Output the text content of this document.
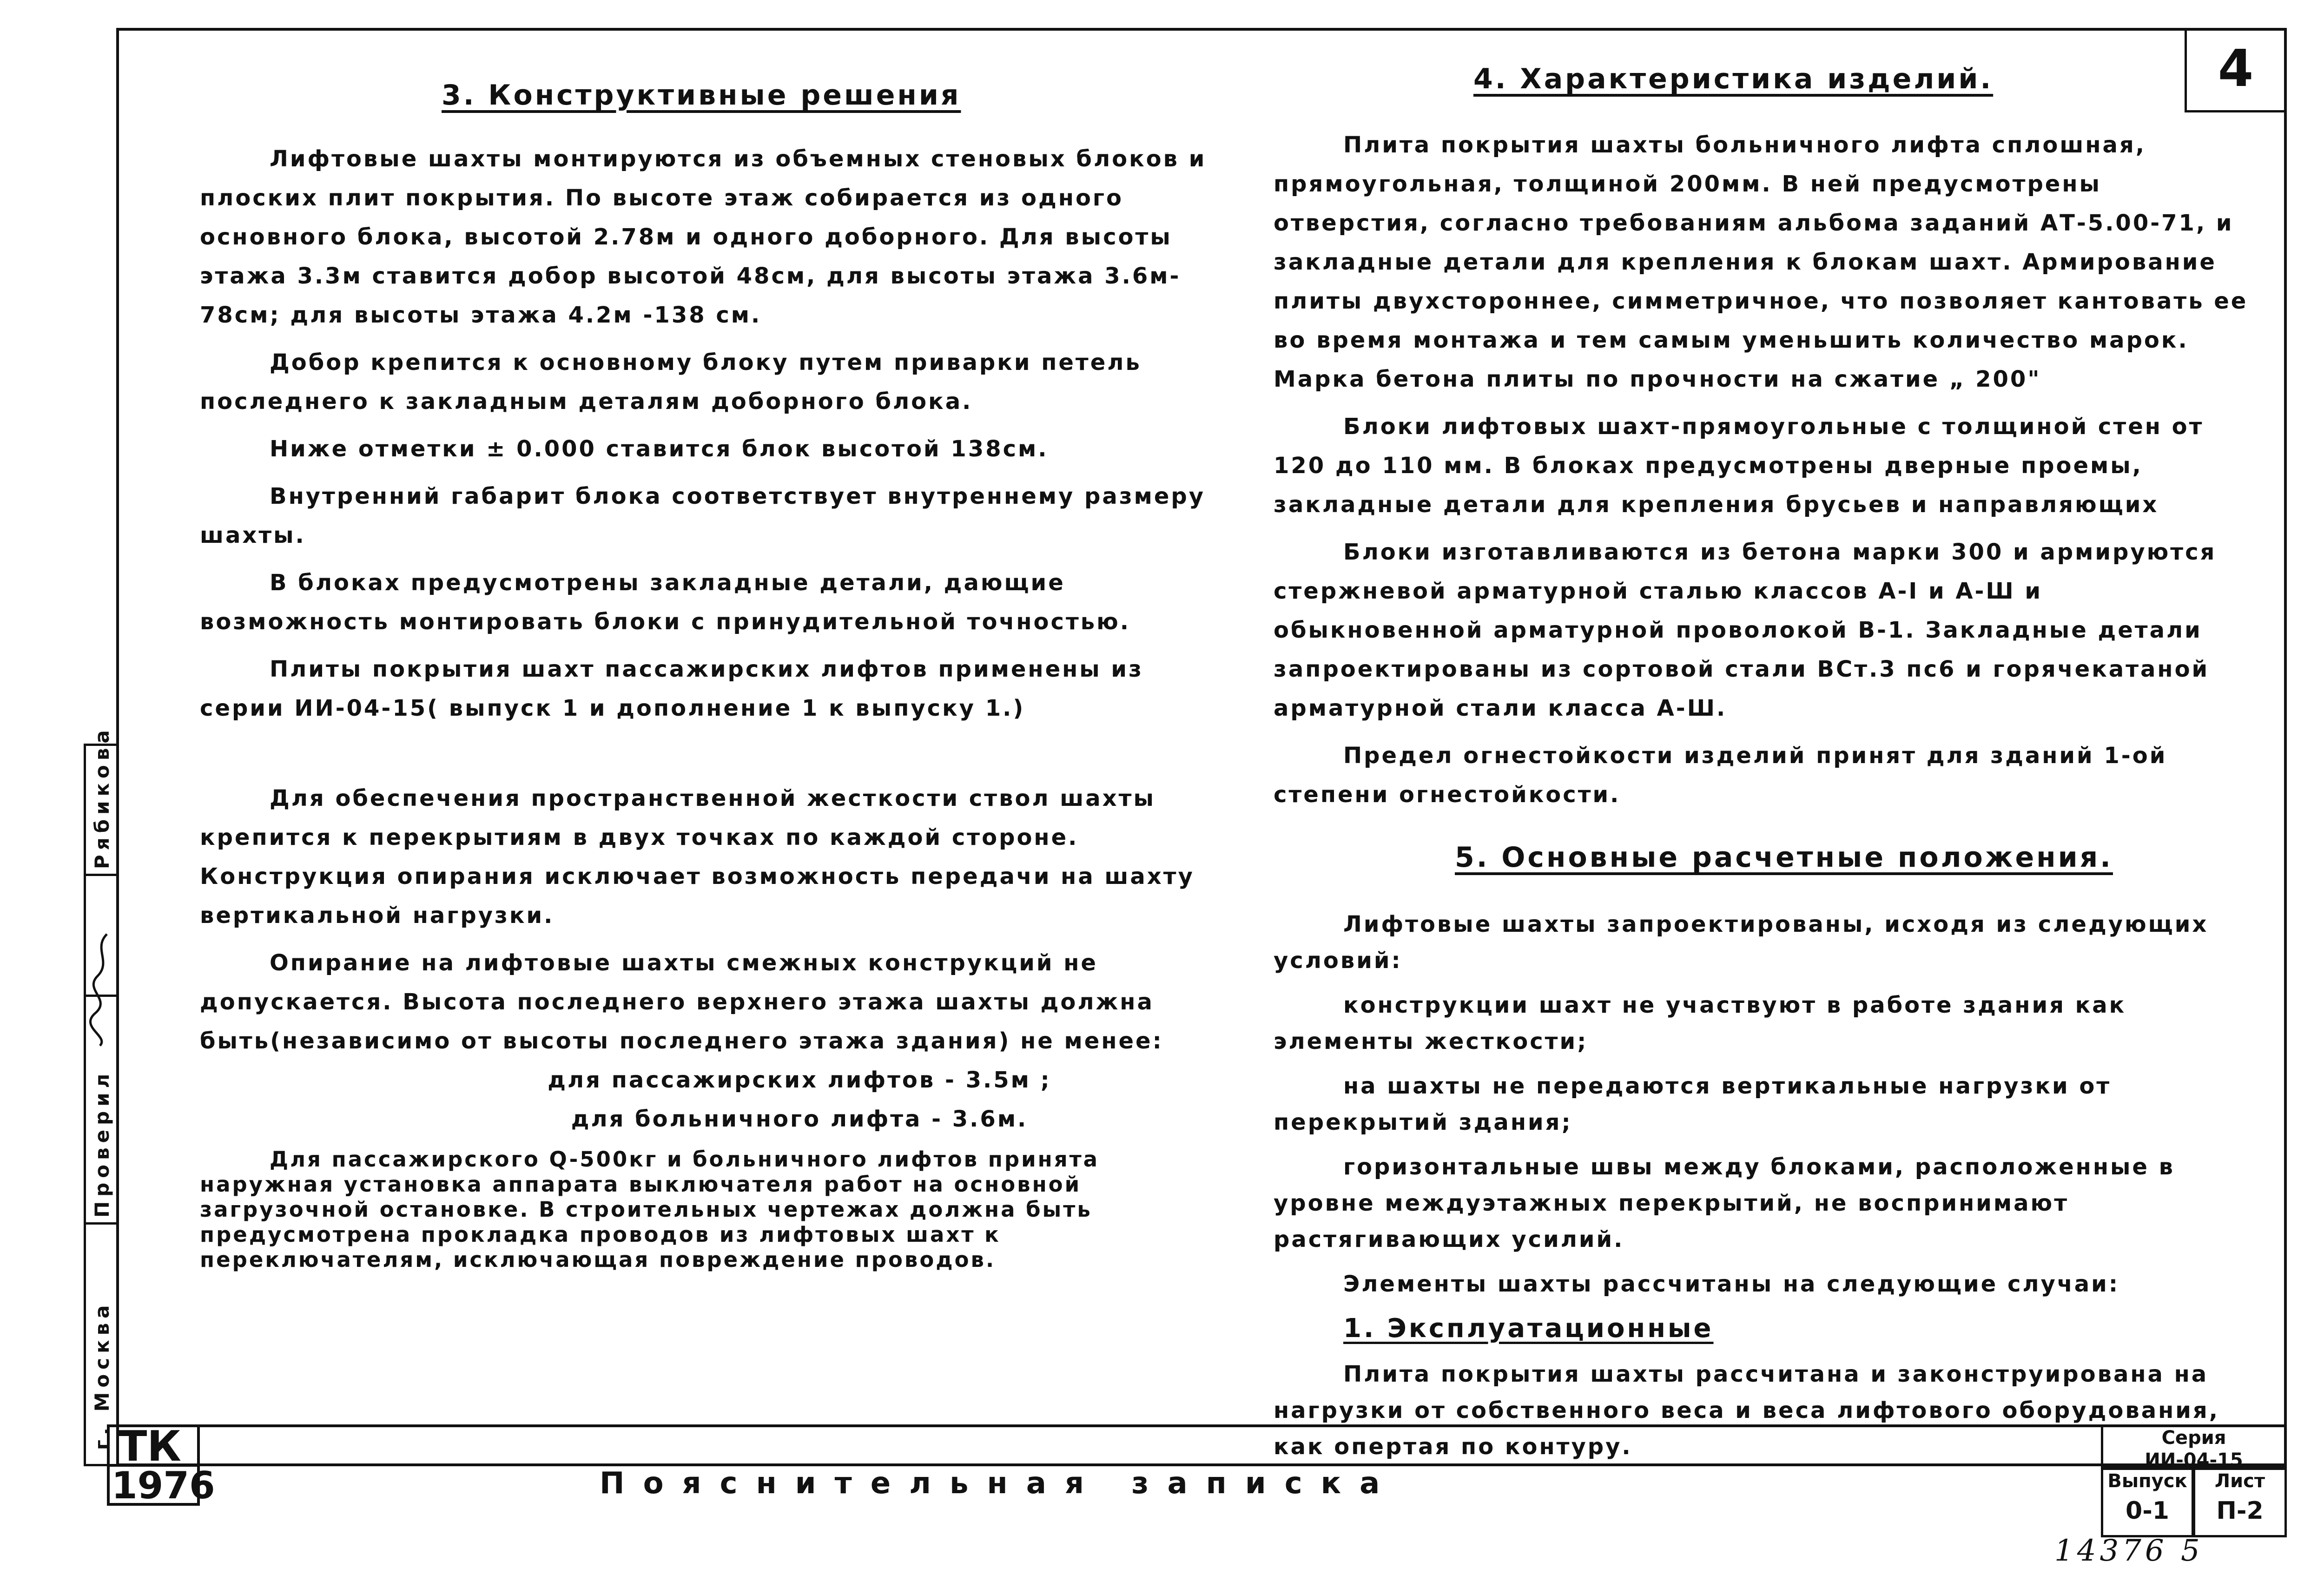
4
Рябикова
Проверил
г. Москва ТК
1976	Пояснительная записка
Серия
ИИ-04-15
Выпуск
0-1
Лист
П-2
14376 5
3. Конструктивные решения

Лифтовые шахты монтируются из объемных стеновых блоков и плоских плит покрытия. По высоте этаж собирается из одного основного блока, высотой 2.78м и одного доборного. Для высоты этажа 3.3м ставится добор высотой 48см, для высоты этажа 3.6м- 78см; для высоты этажа 4.2м -138 см.

Добор крепится к основному блоку путем приварки петель последнего к закладным деталям доборного блока.

Ниже отметки ± 0.000 ставится блок высотой 138см.

Внутренний габарит блока соответствует внутреннему размеру шахты.

В блоках предусмотрены закладные детали, дающие возможность монтировать блоки с принудительной точностью.

Плиты покрытия шахт пассажирских лифтов применены из серии ИИ-04-15( выпуск 1 и дополнение 1 к выпуску 1.)

Для обеспечения пространственной жесткости ствол шахты крепится к перекрытиям в двух точках по каждой стороне. Конструкция опирания исключает возможность передачи на шахту вертикальной нагрузки.

Опирание на лифтовые шахты смежных конструкций не допускается. Высота последнего верхнего этажа шахты должна быть(независимо от высоты последнего этажа здания) не менее:

для пассажирских лифтов - 3.5м ;

для больничного лифта - 3.6м.

Для пассажирского Q-500кг и больничного лифтов принята наружная установка аппарата выключателя работ на основной загрузочной остановке. В строительных чертежах должна быть предусмотрена прокладка проводов из лифтовых шахт к переключателям, исключающая повреждение проводов.

4. Характеристика изделий.

Плита покрытия шахты больничного лифта сплошная, прямоугольная, толщиной 200мм. В ней предусмотрены отверстия, согласно требованиям альбома заданий АТ-5.00-71, и закладные детали для крепления к блокам шахт. Армирование плиты двухстороннее, симметричное, что позволяет кантовать ее во время монтажа и тем самым уменьшить количество марок. Марка бетона плиты по прочности на сжатие „ 200"

Блоки лифтовых шахт-прямоугольные с толщиной стен от 120 до 110 мм. В блоках предусмотрены дверные проемы, закладные детали для крепления брусьев и направляющих

Блоки изготавливаются из бетона марки 300 и армируются стержневой арматурной сталью классов А-I и А-Ш и обыкновенной арматурной проволокой В-1. Закладные детали запроектированы из сортовой стали ВСт.3 пс6 и горячекатаной арматурной стали класса А-Ш.

Предел огнестойкости изделий принят для зданий 1-ой степени огнестойкости.

5. Основные расчетные положения.

Лифтовые шахты запроектированы, исходя из следующих условий:

конструкции шахт не участвуют в работе здания как элементы жесткости;

на шахты не передаются вертикальные нагрузки от перекрытий здания;

горизонтальные швы между блоками, расположенные в уровне междуэтажных перекрытий, не воспринимают растягивающих усилий.

Элементы шахты рассчитаны на следующие случаи:

1. Эксплуатационные

Плита покрытия шахты рассчитана и законструирована на нагрузки от собственного веса и веса лифтового оборудования, как опертая по контуру.
